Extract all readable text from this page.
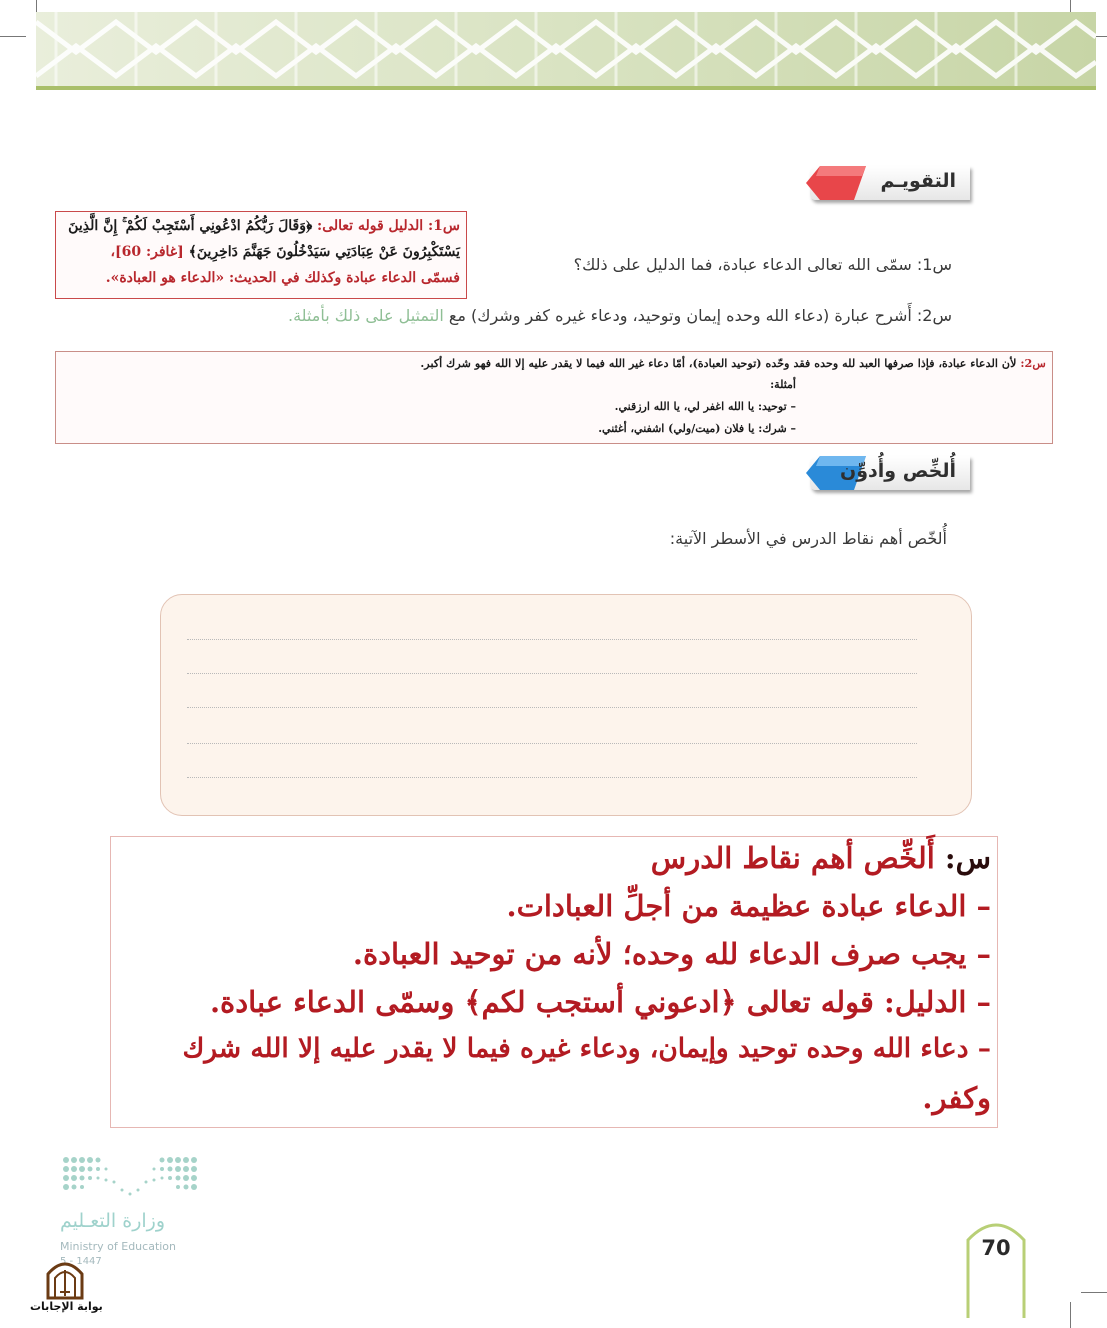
التقويـم
س1: الدليل قوله تعالى: ﴿وَقَالَ رَبُّكُمُ ادْعُونِي أَسْتَجِبْ لَكُمْ ۚ إِنَّ الَّذِينَ
يَسْتَكْبِرُونَ عَنْ عِبَادَتِي سَيَدْخُلُونَ جَهَنَّمَ دَاخِرِينَ﴾ [غافر: 60]،
فسمّى الدعاء عبادة وكذلك في الحديث: «الدعاء هو العبادة».
س1: سمّى الله تعالى الدعاء عبادة، فما الدليل على ذلك؟
س2: أَشرح عبارة (دعاء الله وحده إيمان وتوحيد، ودعاء غيره كفر وشرك) مع التمثيل على ذلك بأمثلة.
س2: لأن الدعاء عبادة، فإذا صرفها العبد لله وحده فقد وحّده (توحيد العبادة)، أمّا دعاء غير الله فيما لا يقدر عليه إلا الله فهو شرك أكبر.
أمثلة:
– توحيد: يا الله اغفر لي، يا الله ارزقني.
– شرك: يا فلان (ميت/ولي) اشفني، أغثني.
أُلخِّص وأُدوِّن
أُلخّص أهم نقاط الدرس في الأسطر الآتية:
س: أَلخِّص أهم نقاط الدرس
– الدعاء عبادة عظيمة من أجلِّ العبادات.
– يجب صرف الدعاء لله وحده؛ لأنه من توحيد العبادة.
– الدليل: قوله تعالى ﴿ادعوني أستجب لكم﴾ وسمّى الدعاء عبادة.
– دعاء الله وحده توحيد وإيمان، ودعاء غيره فيما لا يقدر عليه إلا الله شرك
وكفر.
وزارة التعـليم
Ministry of Education
5 - 1447
بوابة الإجابات
70
